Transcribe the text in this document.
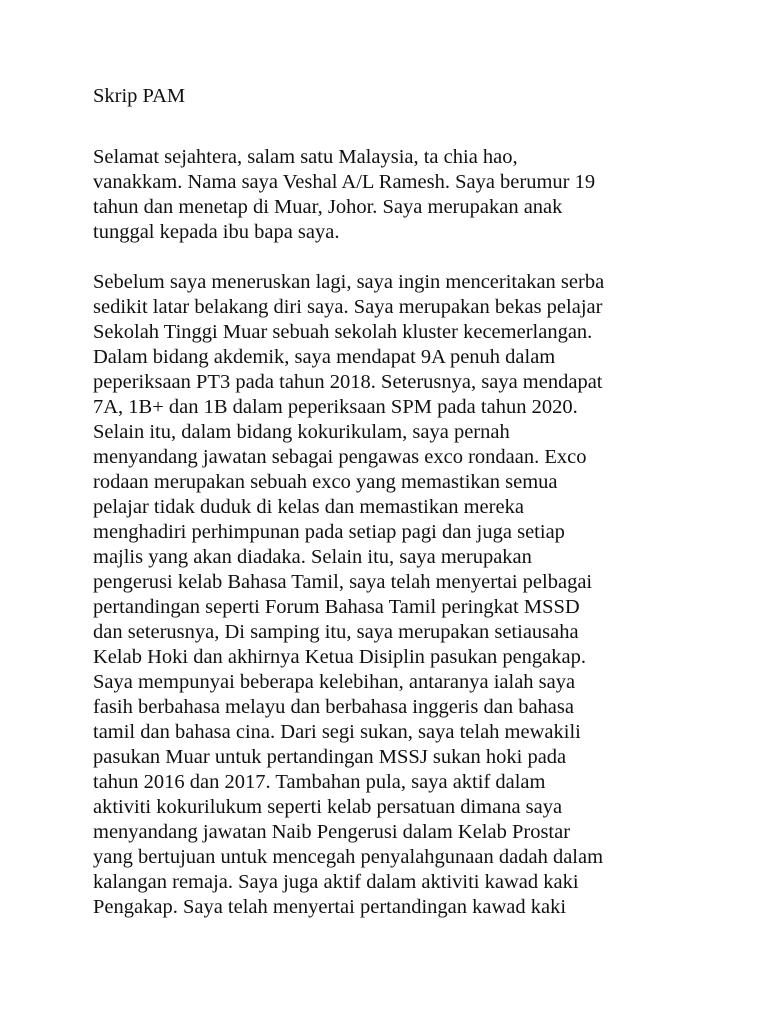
Skrip PAM

Selamat sejahtera, salam satu Malaysia, ta chia hao,
vanakkam. Nama saya Veshal A/L Ramesh. Saya berumur 19
tahun dan menetap di Muar, Johor. Saya merupakan anak
tunggal kepada ibu bapa saya.

Sebelum saya meneruskan lagi, saya ingin menceritakan serba
sedikit latar belakang diri saya. Saya merupakan bekas pelajar
Sekolah Tinggi Muar sebuah sekolah kluster kecemerlangan.
Dalam bidang akdemik, saya mendapat 9A penuh dalam
peperiksaan PT3 pada tahun 2018. Seterusnya, saya mendapat
7A, 1B+ dan 1B dalam peperiksaan SPM pada tahun 2020.
Selain itu, dalam bidang kokurikulam, saya pernah
menyandang jawatan sebagai pengawas exco rondaan. Exco
rodaan merupakan sebuah exco yang memastikan semua
pelajar tidak duduk di kelas dan memastikan mereka
menghadiri perhimpunan pada setiap pagi dan juga setiap
majlis yang akan diadaka. Selain itu, saya merupakan
pengerusi kelab Bahasa Tamil, saya telah menyertai pelbagai
pertandingan seperti Forum Bahasa Tamil peringkat MSSD
dan seterusnya, Di samping itu, saya merupakan setiausaha
Kelab Hoki dan akhirnya Ketua Disiplin pasukan pengakap.
Saya mempunyai beberapa kelebihan, antaranya ialah saya
fasih berbahasa melayu dan berbahasa inggeris dan bahasa
tamil dan bahasa cina. Dari segi sukan, saya telah mewakili
pasukan Muar untuk pertandingan MSSJ sukan hoki pada
tahun 2016 dan 2017. Tambahan pula, saya aktif dalam
aktiviti kokurilukum seperti kelab persatuan dimana saya
menyandang jawatan Naib Pengerusi dalam Kelab Prostar
yang bertujuan untuk mencegah penyalahgunaan dadah dalam
kalangan remaja. Saya juga aktif dalam aktiviti kawad kaki
Pengakap. Saya telah menyertai pertandingan kawad kaki
